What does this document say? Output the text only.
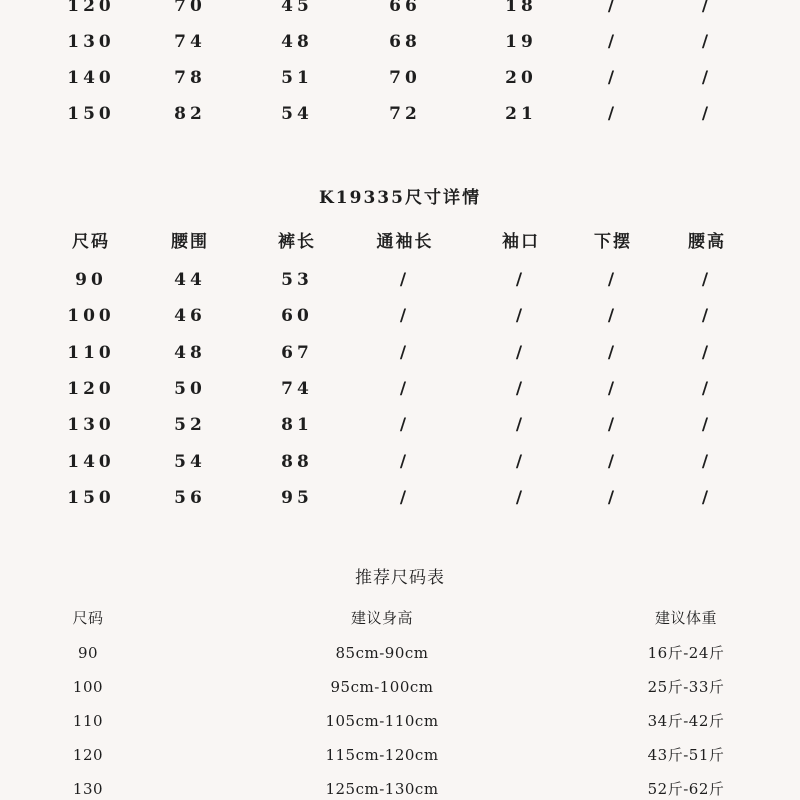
120	70	45	66	18	/	/
130	74	48	68	19	/	/
140	78	51	70	20	/	/
150	82	54	72	21	/	/
K19335尺寸详情
尺码	腰围	裤长	通袖长	袖口	下摆	腰高
90	44	53	/	/	/	/
100	46	60	/	/	/	/
110	48	67	/	/	/	/
120	50	74	/	/	/	/
130	52	81	/	/	/	/
140	54	88	/	/	/	/
150	56	95	/	/	/	/
推荐尺码表
尺码	建议身高	建议体重
90	85cm-90cm	16斤-24斤
100	95cm-100cm	25斤-33斤
110	105cm-110cm	34斤-42斤
120	115cm-120cm	43斤-51斤
130	125cm-130cm	52斤-62斤
